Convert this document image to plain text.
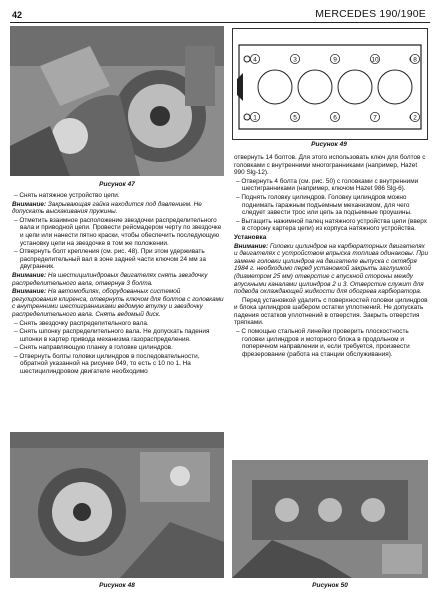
42	MERCEDES 190/190E
Рисунок 47
4	3	9	10	8
1	5	6	7	2
Рисунок 49

– Снять натяжное устройство цепи.

Внимание: Закрывающая гайка находится под давлением. Не допускать выскакивания пружины.

– Отметить взаимное расположение звездочки распределительного вала и приводной цепи. Провести рейсмадером черту по звездочке и цепи или нанести пятно краски, чтобы обеспечить последующую установку цепи на звездочке в том же положении.

– Отвернуть болт крепления (см. рис. 48). При этом удерживать распределительный вал в зоне задней части ключом 24 мм за двугранник.

Внимание: На шестицилиндровых двигателях снять звездочку распределительного вала, отвернув 3 болта.

Внимание: На автомобилях, оборудованных системой регулирования клиренса, отвернуть ключом для болтов с головками с внутренними шестигранниками ведомую втулку и звездочку распределительного вала. Снять ведомый диск.

– Снять звездочку распределительного вала.

– Снять шпонку распределительного вала. Не допускать падения шпонки в картер привода механизма газораспределения.

– Снять направляющую планку в головке цилиндров.

– Отвернуть болты головки цилиндров в последовательности, обратной указанной на рисунке 049, то есть с 10 по 1. На шестицилиндровом двигателе необходимо

отвернуть 14 болтов. Для этого использовать ключ для болтов с головками с внутренними многогранниками (например, Hazet 990 Slg-12).

– Отвернуть 4 болта (см. рис. 50) с головками с внутренними шестигранниками (например, ключом Hazet 986 Slg-6).

– Поднять головку цилиндров. Головку цилиндров можно поднимать гаражным подъемным механизмом, для чего следует завести трос или цепь за подъемные проушины.

– Вытащить нажимной палец натяжного устройства цепи (вверх в сторону картера цепи) из корпуса натяжного устройства.

Установка

Внимание: Головки цилиндров на карбюраторных двигателях и двигателях с устройством впрыска топлива одинаковы. При замене головки цилиндров на двигателе выпуска с октября 1984 г. необходимо перед установкой закрыть заглушкой (диаметром 25 мм) отверстие с впускной стороны между впускными каналами цилиндров 2 и 3. Отверстие служит для подвода охлаждающей жидкости для обогрева карбюратора.

Перед установкой удалить с поверхностей головки цилиндров и блока цилиндров шабером остатки уплотнений. Не допускать падения остатков уплотнений в отверстия. Закрыть отверстия тряпками.

– С помощью стальной линейки проверить плоскостность головки цилиндров и моторного блока в продольном и поперечном направлении и, если требуется, произвести фрезерование (работа на станции обслуживания).

Рисунок 48	Рисунок 50
